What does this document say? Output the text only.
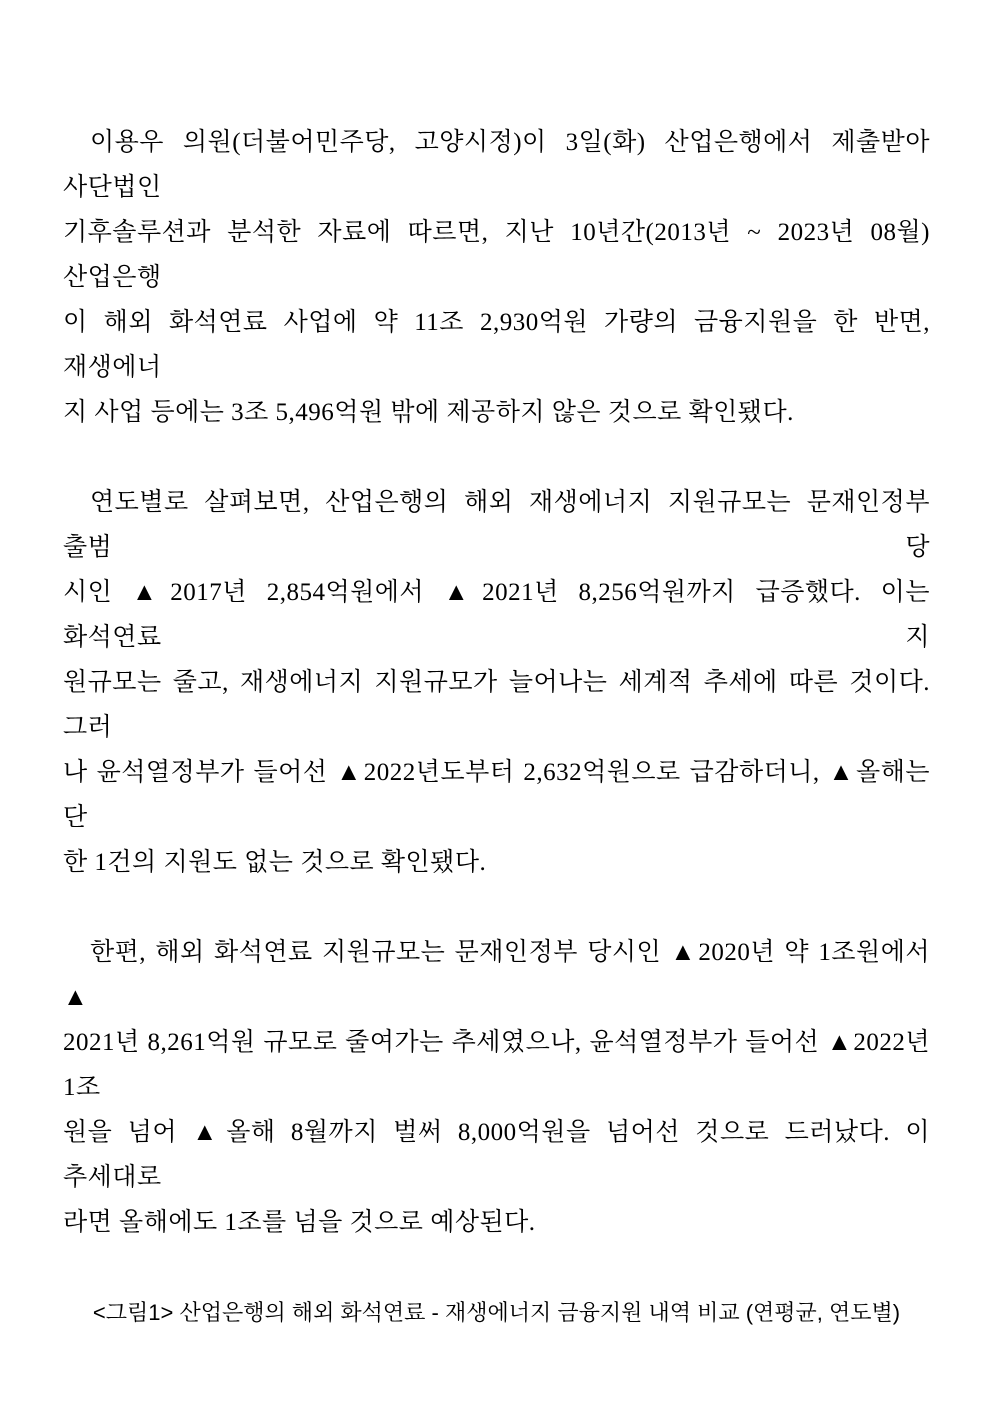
이용우 의원(더불어민주당, 고양시정)이 3일(화) 산업은행에서 제출받아 사단법인
기후솔루션과 분석한 자료에 따르면, 지난 10년간(2013년 ~ 2023년 08월) 산업은행
이 해외 화석연료 사업에 약 11조 2,930억원 가량의 금융지원을 한 반면, 재생에너
지 사업 등에는 3조 5,496억원 밖에 제공하지 않은 것으로 확인됐다.
연도별로 살펴보면, 산업은행의 해외 재생에너지 지원규모는 문재인정부 출범 당
시인 ▲2017년 2,854억원에서 ▲2021년 8,256억원까지 급증했다. 이는 화석연료 지
원규모는 줄고, 재생에너지 지원규모가 늘어나는 세계적 추세에 따른 것이다. 그러
나 윤석열정부가 들어선 ▲2022년도부터 2,632억원으로 급감하더니, ▲올해는 단
한 1건의 지원도 없는 것으로 확인됐다.
한편, 해외 화석연료 지원규모는 문재인정부 당시인 ▲2020년 약 1조원에서 ▲
2021년 8,261억원 규모로 줄여가는 추세였으나, 윤석열정부가 들어선 ▲2022년 1조
원을 넘어 ▲올해 8월까지 벌써 8,000억원을 넘어선 것으로 드러났다. 이 추세대로
라면 올해에도 1조를 넘을 것으로 예상된다.
<그림1> 산업은행의 해외 화석연료 - 재생에너지 금융지원 내역 비교 (연평균, 연도별)
